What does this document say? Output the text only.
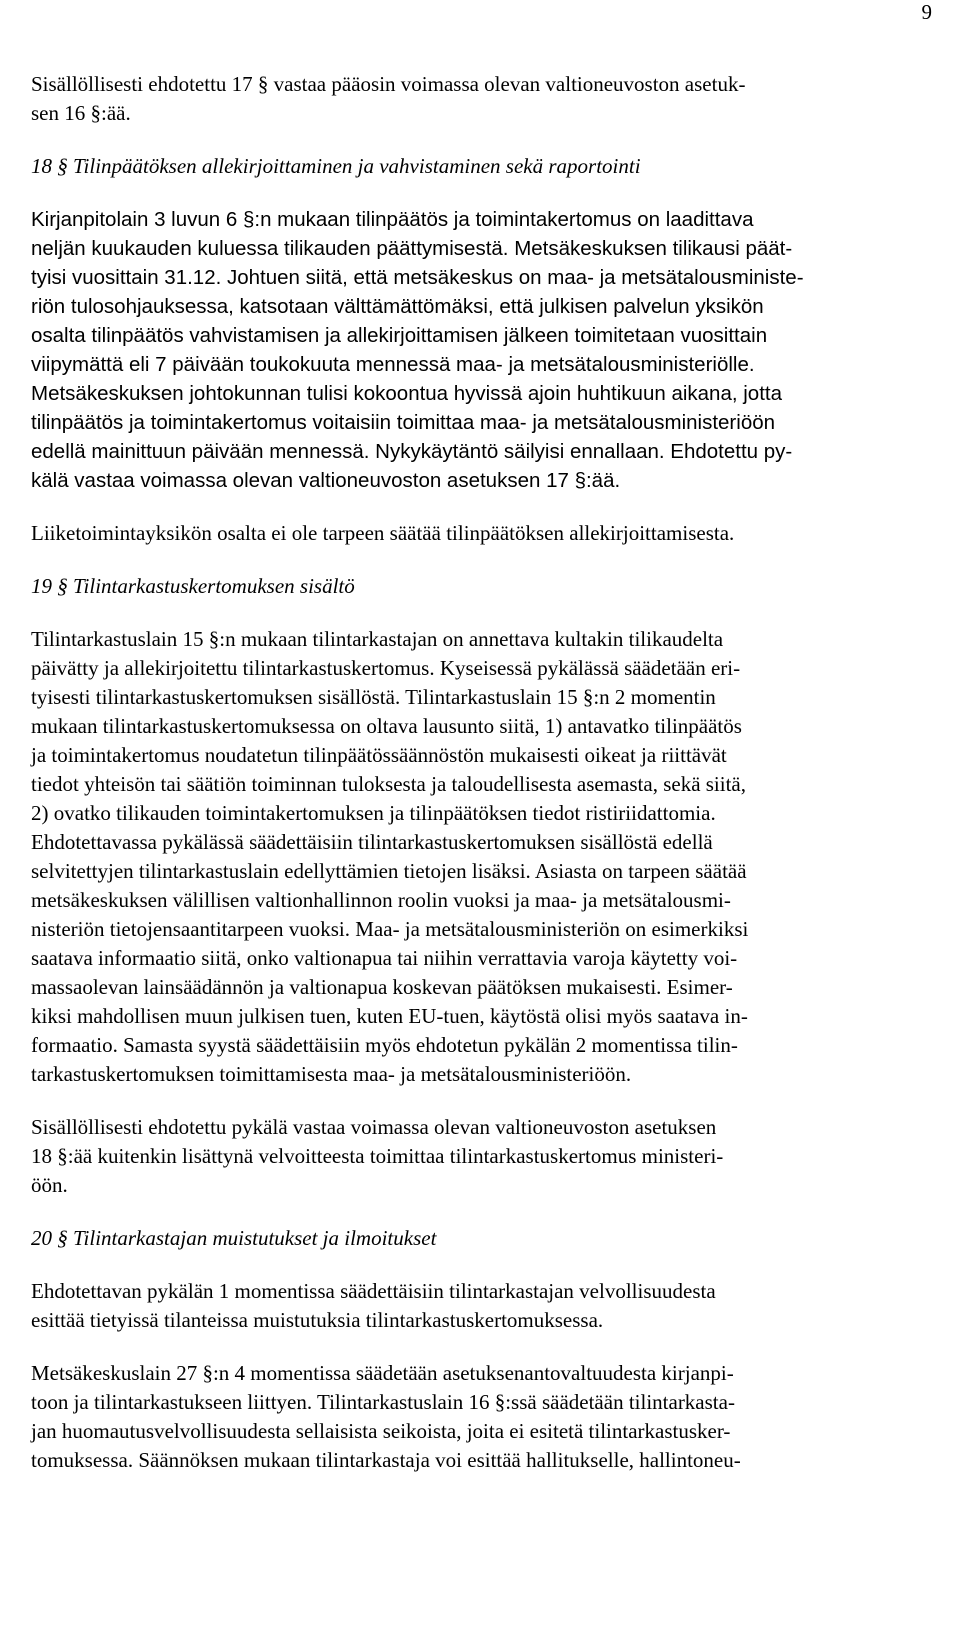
9

Sisällöllisesti ehdotettu 17 § vastaa pääosin voimassa olevan valtioneuvoston asetuk-
sen 16 §:ää.

18 § Tilinpäätöksen allekirjoittaminen ja vahvistaminen sekä raportointi

Kirjanpitolain 3 luvun 6 §:n mukaan tilinpäätös ja toimintakertomus on laadittava
neljän kuukauden kuluessa tilikauden päättymisestä. Metsäkeskuksen tilikausi päät-
tyisi vuosittain 31.12. Johtuen siitä, että metsäkeskus on maa- ja metsätalousministe-
riön tulosohjauksessa, katsotaan välttämättömäksi, että julkisen palvelun yksikön
osalta tilinpäätös vahvistamisen ja allekirjoittamisen jälkeen toimitetaan vuosittain
viipymättä eli 7 päivään toukokuuta mennessä maa- ja metsätalousministeriölle.
Metsäkeskuksen johtokunnan tulisi kokoontua hyvissä ajoin huhtikuun aikana, jotta
tilinpäätös ja toimintakertomus voitaisiin toimittaa maa- ja metsätalousministeriöön
edellä mainittuun päivään mennessä. Nykykäytäntö säilyisi ennallaan. Ehdotettu py-
kälä vastaa voimassa olevan valtioneuvoston asetuksen 17 §:ää.

Liiketoimintayksikön osalta ei ole tarpeen säätää tilinpäätöksen allekirjoittamisesta.

19 § Tilintarkastuskertomuksen sisältö

Tilintarkastuslain 15 §:n mukaan tilintarkastajan on annettava kultakin tilikaudelta
päivätty ja allekirjoitettu tilintarkastuskertomus. Kyseisessä pykälässä säädetään eri-
tyisesti tilintarkastuskertomuksen sisällöstä. Tilintarkastuslain 15 §:n 2 momentin
mukaan tilintarkastuskertomuksessa on oltava lausunto siitä, 1) antavatko tilinpäätös
ja toimintakertomus noudatetun tilinpäätössäännöstön mukaisesti oikeat ja riittävät
tiedot yhteisön tai säätiön toiminnan tuloksesta ja taloudellisesta asemasta, sekä siitä,
2) ovatko tilikauden toimintakertomuksen ja tilinpäätöksen tiedot ristiriidattomia.
Ehdotettavassa pykälässä säädettäisiin tilintarkastuskertomuksen sisällöstä edellä
selvitettyjen tilintarkastuslain edellyttämien tietojen lisäksi. Asiasta on tarpeen säätää
metsäkeskuksen välillisen valtionhallinnon roolin vuoksi ja maa- ja metsätalousmi-
nisteriön tietojensaantitarpeen vuoksi. Maa- ja metsätalousministeriön on esimerkiksi
saatava informaatio siitä, onko valtionapua tai niihin verrattavia varoja käytetty voi-
massaolevan lainsäädännön ja valtionapua koskevan päätöksen mukaisesti. Esimer-
kiksi mahdollisen muun julkisen tuen, kuten EU-tuen, käytöstä olisi myös saatava in-
formaatio. Samasta syystä säädettäisiin myös ehdotetun pykälän 2 momentissa tilin-
tarkastuskertomuksen toimittamisesta maa- ja metsätalousministeriöön.

Sisällöllisesti ehdotettu pykälä vastaa voimassa olevan valtioneuvoston asetuksen
18 §:ää kuitenkin lisättynä velvoitteesta toimittaa tilintarkastuskertomus ministeri-
öön.

20 § Tilintarkastajan muistutukset ja ilmoitukset

Ehdotettavan pykälän 1 momentissa säädettäisiin tilintarkastajan velvollisuudesta
esittää tietyissä tilanteissa muistutuksia tilintarkastuskertomuksessa.

Metsäkeskuslain 27 §:n 4 momentissa säädetään asetuksenantovaltuudesta kirjanpi-
toon ja tilintarkastukseen liittyen. Tilintarkastuslain 16 §:ssä säädetään tilintarkasta-
jan huomautusvelvollisuudesta sellaisista seikoista, joita ei esitetä tilintarkastusker-
tomuksessa. Säännöksen mukaan tilintarkastaja voi esittää hallitukselle, hallintoneu-
